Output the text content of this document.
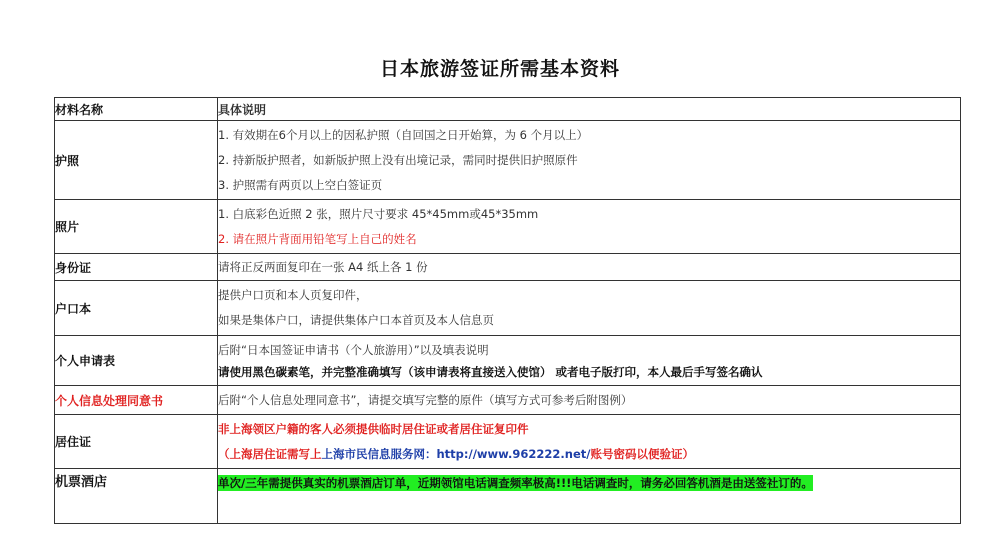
日本旅游签证所需基本资料
材料名称	具体说明
护照	1. 有效期在6个月以上的因私护照（自回国之日开始算，为 6 个月以上）
2. 持新版护照者，如新版护照上没有出境记录，需同时提供旧护照原件
3. 护照需有两页以上空白签证页

照片	1. 白底彩色近照 2 张，照片尺寸要求 45*45mm或45*35mm
2. 请在照片背面用铅笔写上自己的姓名

身份证	请将正反两面复印在一张 A4 纸上各 1 份

户口本	提供户口页和本人页复印件，
如果是集体户口，请提供集体户口本首页及本人信息页

个人申请表	后附“日本国签证申请书（个人旅游用）”以及填表说明
请使用黑色碳素笔，并完整准确填写（该申请表将直接送入使馆） 或者电子版打印，本人最后手写签名确认

个人信息处理同意书	后附“个人信息处理同意书”，请提交填写完整的原件（填写方式可参考后附图例）

居住证	非上海领区户籍的客人必须提供临时居住证或者居住证复印件
（上海居住证需写上上海市民信息服务网：http://www.962222.net/账号密码以便验证）

机票酒店	单次/三年需提供真实的机票酒店订单，近期领馆电话调查频率极高!!!电话调查时，请务必回答机酒是由送签社订的。
